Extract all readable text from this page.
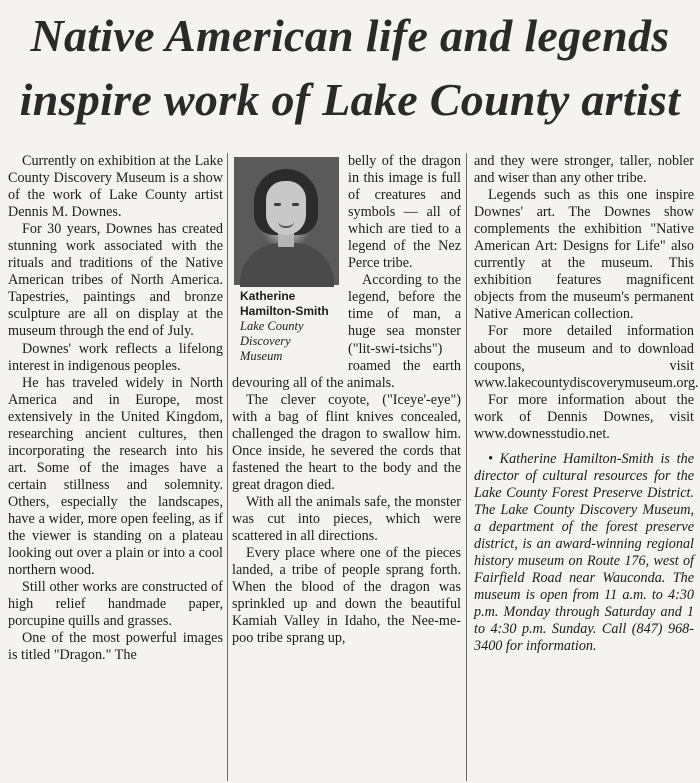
Native American life and legends
inspire work of Lake County artist

Currently on exhibition at the Lake County Discovery Museum is a show of the work of Lake County artist Dennis M. Downes.

For 30 years, Downes has created stunning work associated with the rituals and traditions of the Native American tribes of North America. Tapestries, paintings and bronze sculpture are all on display at the museum through the end of July.

Downes' work reflects a lifelong interest in indigenous peoples.

He has traveled widely in North America and in Europe, most extensively in the United Kingdom, researching ancient cultures, then incorporating the research into his art. Some of the images have a certain stillness and solemnity. Others, especially the landscapes, have a wider, more open feeling, as if the viewer is standing on a plateau looking out over a plain or into a cool northern wood.

Still other works are constructed of high relief handmade paper, porcupine quills and grasses.

One of the most powerful images is titled "Dragon." The

Katherine
Hamilton-Smith
Lake County
Discovery
Museum

belly of the dragon in this image is full of creatures and symbols — all of which are tied to a legend of the Nez Perce tribe.

According to the legend, before the time of man, a huge sea monster ("lit-swi-tsichs") roamed the earth devouring all of the animals.

The clever coyote, ("Iceye'-eye") with a bag of flint knives concealed, challenged the dragon to swallow him. Once inside, he severed the cords that fastened the heart to the body and the great dragon died.

With all the animals safe, the monster was cut into pieces, which were scattered in all directions.

Every place where one of the pieces landed, a tribe of people sprang forth. When the blood of the dragon was sprinkled up and down the beautiful Kamiah Valley in Idaho, the Nee-me-poo tribe sprang up,

and they were stronger, taller, nobler and wiser than any other tribe.

Legends such as this one inspire Downes' art. The Downes show complements the exhibition "Native American Art: Designs for Life" also currently at the museum. This exhibition features magnificent objects from the museum's permanent Native American collection.

For more detailed information about the museum and to download coupons, visit www.lakecountydiscoverymuseum.org.

For more information about the work of Dennis Downes, visit www.downesstudio.net.

• Katherine Hamilton-Smith is the director of cultural resources for the Lake County Forest Preserve District. The Lake County Discovery Museum, a department of the forest preserve district, is an award-winning regional history museum on Route 176, west of Fairfield Road near Wauconda. The museum is open from 11 a.m. to 4:30 p.m. Monday through Saturday and 1 to 4:30 p.m. Sunday. Call (847) 968-3400 for information.
